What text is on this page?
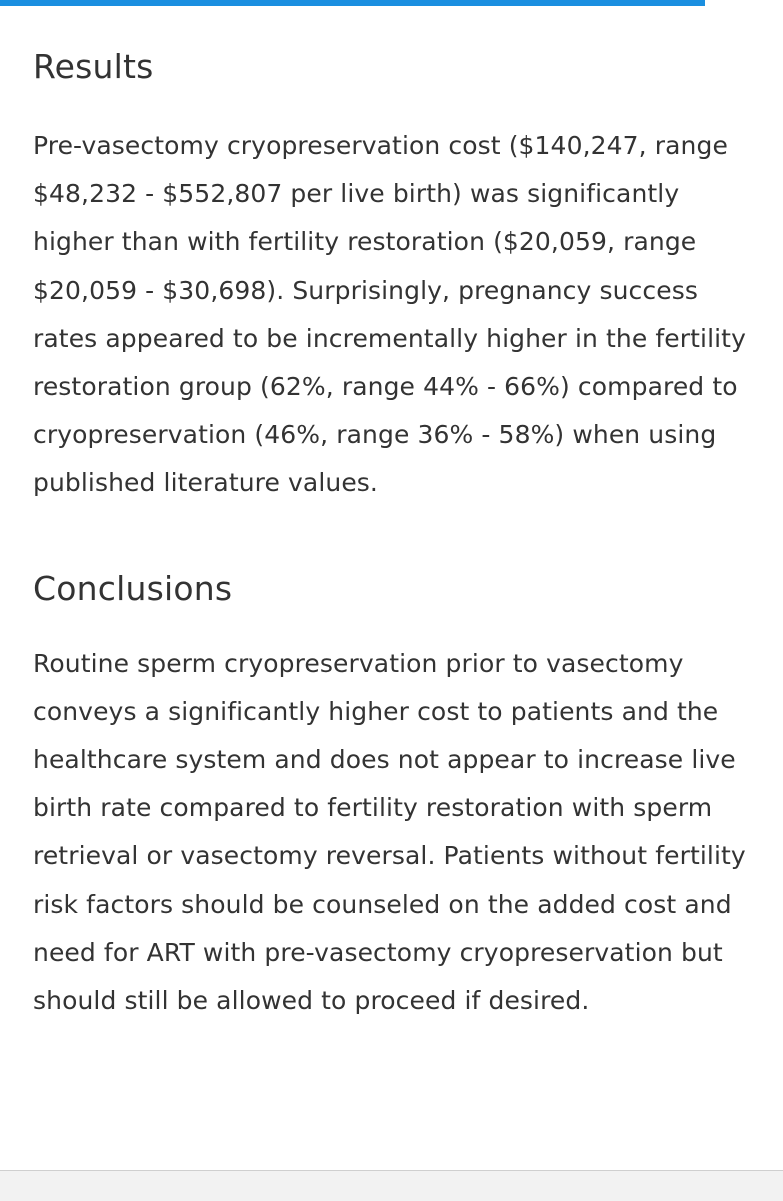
Results

Pre-vasectomy cryopreservation cost ($140,247, range $48,232 - $552,807 per live birth) was significantly higher than with fertility restoration ($20,059, range $20,059 - $30,698). Surprisingly, pregnancy success rates appeared to be incrementally higher in the fertility restoration group (62%, range 44% - 66%) compared to cryopreservation (46%, range 36% - 58%) when using published literature values.

Conclusions

Routine sperm cryopreservation prior to vasectomy conveys a significantly higher cost to patients and the healthcare system and does not appear to increase live birth rate compared to fertility restoration with sperm retrieval or vasectomy reversal. Patients without fertility risk factors should be counseled on the added cost and need for ART with pre-vasectomy cryopreservation but should still be allowed to proceed if desired.
